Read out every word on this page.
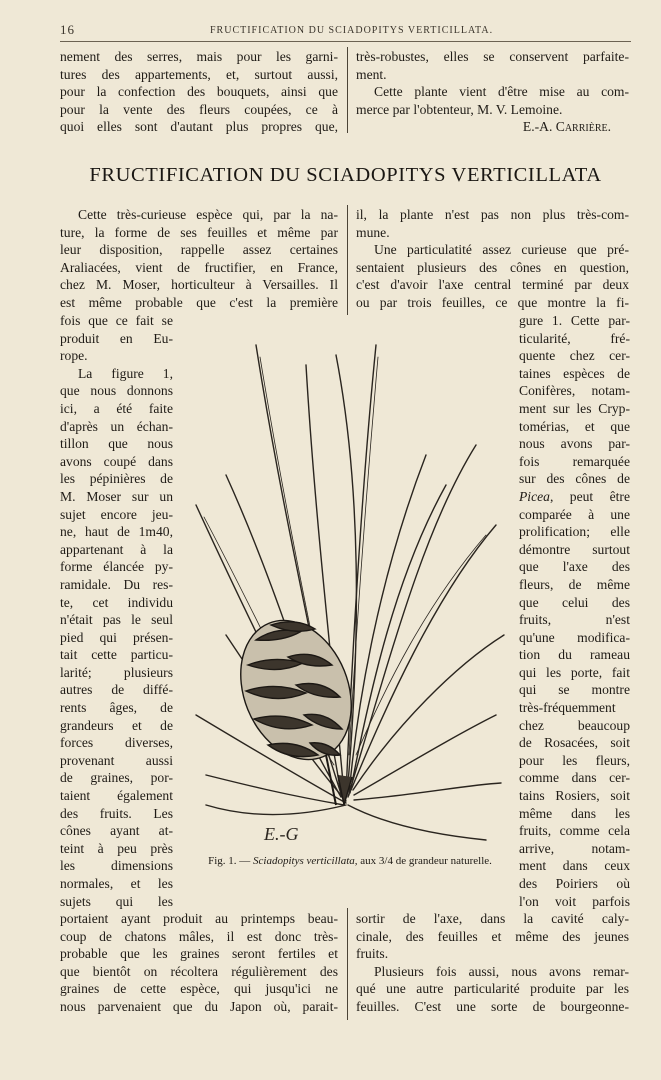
16	FRUCTIFICATION DU SCIADOPITYS VERTICILLATA.
nement des serres, mais pour les garni-
tures des appartements, et, surtout aussi,
pour la confection des bouquets, ainsi que
pour la vente des fleurs coupées, ce à
quoi elles sont d'autant plus propres que,
très-robustes, elles se conservent parfaite-
ment.
Cette plante vient d'être mise au com-
merce par l'obtenteur, M. V. Lemoine.
E.-A. Carrière.
FRUCTIFICATION DU SCIADOPITYS VERTICILLATA
Cette très-curieuse espèce qui, par la na-
ture, la forme de ses feuilles et même par
leur disposition, rappelle assez certaines
Araliacées, vient de fructifier, en France,
chez M. Moser, horticulteur à Versailles. Il
est même probable que c'est la première
il, la plante n'est pas non plus très-com-
mune.
Une particulatité assez curieuse que pré-
sentaient plusieurs des cônes en question,
c'est d'avoir l'axe central terminé par deux
ou par trois feuilles, ce que montre la fi-
fois que ce fait se
produit en Eu-
rope.
La figure 1,
que nous donnons
ici, a été faite
d'après un échan-
tillon que nous
avons coupé dans
les pépinières de
M. Moser sur un
sujet encore jeu-
ne, haut de 1m40,
appartenant à la
forme élancée py-
ramidale. Du res-
te, cet individu
n'était pas le seul
pied qui présen-
tait cette particu-
larité; plusieurs
autres de diffé-
rents âges, de
grandeurs et de
forces diverses,
provenant aussi
de graines, por-
taient également
des fruits. Les
cônes ayant at-
teint à peu près
les dimensions
normales, et les
sujets qui les
gure 1. Cette par-
ticularité, fré-
quente chez cer-
taines espèces de
Conifères, notam-
ment sur les Cryp-
tomérias, et que
nous avons par-
fois remarquée
sur des cônes de
Picea, peut être
comparée à une
prolification; elle
démontre surtout
que l'axe des
fleurs, de même
que celui des
fruits, n'est
qu'une modifica-
tion du rameau
qui les porte, fait
qui se montre
très-fréquemment
chez beaucoup
de Rosacées, soit
pour les fleurs,
comme dans cer-
tains Rosiers, soit
même dans les
fruits, comme cela
arrive, notam-
ment dans ceux
des Poiriers où
l'on voit parfois
E.-G
Fig. 1. — Sciadopitys verticillata, aux 3/4 de grandeur naturelle.
portaient ayant produit au printemps beau-
coup de chatons mâles, il est donc très-
probable que les graines seront fertiles et
que bientôt on récoltera régulièrement des
graines de cette espèce, qui jusqu'ici ne
nous parvenaient que du Japon où, parait-
sortir de l'axe, dans la cavité caly-
cinale, des feuilles et même des jeunes
fruits.
Plusieurs fois aussi, nous avons remar-
qué une autre particularité produite par les
feuilles. C'est une sorte de bourgeonne-
